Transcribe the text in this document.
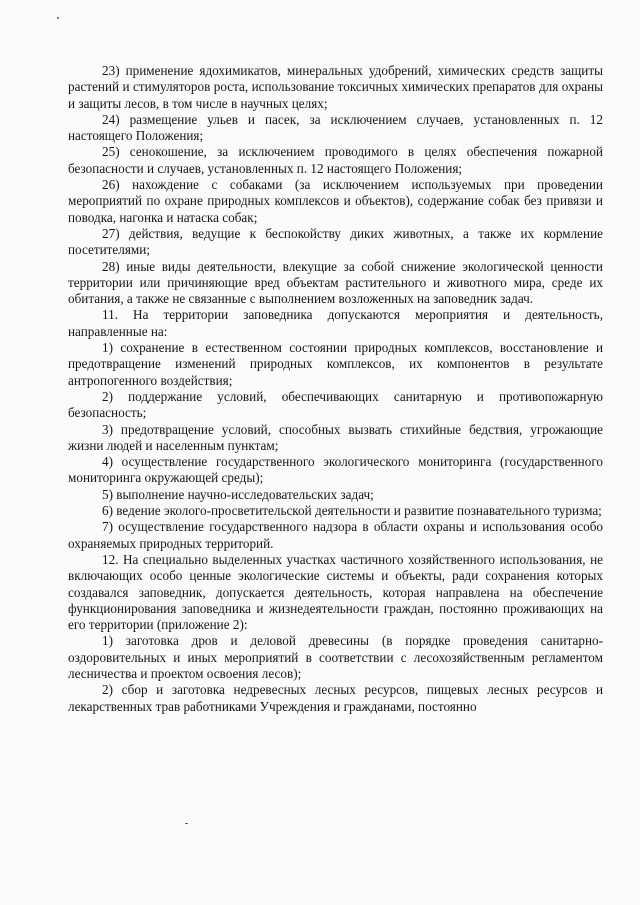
23) применение ядохимикатов, минеральных удобрений, химических средств защиты растений и стимуляторов роста, использование токсичных химических препаратов для охраны и защиты лесов, в том числе в научных целях;

24) размещение ульев и пасек, за исключением случаев, установленных п. 12 настоящего Положения;

25) сенокошение, за исключением проводимого в целях обеспечения пожарной безопасности и случаев, установленных п. 12 настоящего Положения;

26) нахождение с собаками (за исключением используемых при проведении мероприятий по охране природных комплексов и объектов), содержание собак без привязи и поводка, нагонка и натаска собак;

27) действия, ведущие к беспокойству диких животных, а также их кормление посетителями;

28) иные виды деятельности, влекущие за собой снижение экологической ценности территории или причиняющие вред объектам растительного и животного мира, среде их обитания, а также не связанные с выполнением возложенных на заповедник задач.

11. На территории заповедника допускаются мероприятия и деятельность, направленные на:

1) сохранение в естественном состоянии природных комплексов, восстановление и предотвращение изменений природных комплексов, их компонентов в результате антропогенного воздействия;

2) поддержание условий, обеспечивающих санитарную и противопожарную безопасность;

3) предотвращение условий, способных вызвать стихийные бедствия, угрожающие жизни людей и населенным пунктам;

4) осуществление государственного экологического мониторинга (государственного мониторинга окружающей среды);

5) выполнение научно-исследовательских задач;

6) ведение эколого-просветительской деятельности и развитие познавательного туризма;

7) осуществление государственного надзора в области охраны и использования особо охраняемых природных территорий.

12. На специально выделенных участках частичного хозяйственного использования, не включающих особо ценные экологические системы и объекты, ради сохранения которых создавался заповедник, допускается деятельность, которая направлена на обеспечение функционирования заповедника и жизнедеятельности граждан, постоянно проживающих на его территории (приложение 2):

1) заготовка дров и деловой древесины (в порядке проведения санитарно-оздоровительных и иных мероприятий в соответствии с лесохозяйственным регламентом лесничества и проектом освоения лесов);

2) сбор и заготовка недревесных лесных ресурсов, пищевых лесных ресурсов и лекарственных трав работниками Учреждения и гражданами, постоянно
